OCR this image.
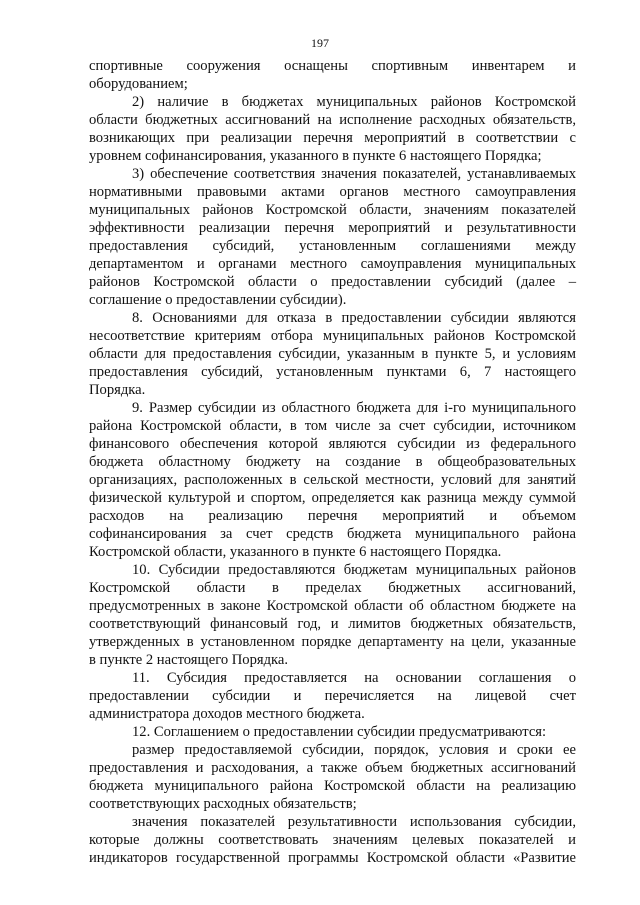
197
спортивные сооружения оснащены спортивным инвентарем и
оборудованием;
2) наличие в бюджетах муниципальных районов Костромской
области бюджетных ассигнований на исполнение расходных обязательств,
возникающих при реализации перечня мероприятий в соответствии с
уровнем софинансирования, указанного в пункте 6 настоящего Порядка;
3) обеспечение соответствия значения показателей, устанавливаемых
нормативными правовыми актами органов местного самоуправления
муниципальных районов Костромской области, значениям показателей
эффективности реализации перечня мероприятий и результативности
предоставления субсидий, установленным соглашениями между
департаментом и органами местного самоуправления муниципальных
районов Костромской области о предоставлении субсидий (далее –
соглашение о предоставлении субсидии).
8. Основаниями для отказа в предоставлении субсидии являются
несоответствие критериям отбора муниципальных районов Костромской
области для предоставления субсидии, указанным в пункте 5, и условиям
предоставления субсидий, установленным пунктами 6, 7 настоящего
Порядка.
9. Размер субсидии из областного бюджета для i-го муниципального
района Костромской области, в том числе за счет субсидии, источником
финансового обеспечения которой являются субсидии из федерального
бюджета областному бюджету на создание в общеобразовательных
организациях, расположенных в сельской местности, условий для занятий
физической культурой и спортом, определяется как разница между суммой
расходов на реализацию перечня мероприятий и объемом
софинансирования за счет средств бюджета муниципального района
Костромской области, указанного в пункте 6 настоящего Порядка.
10. Субсидии предоставляются бюджетам муниципальных районов
Костромской области в пределах бюджетных ассигнований,
предусмотренных в законе Костромской области об областном бюджете на
соответствующий финансовый год, и лимитов бюджетных обязательств,
утвержденных в установленном порядке департаменту на цели, указанные
в пункте 2 настоящего Порядка.
11. Субсидия предоставляется на основании соглашения о
предоставлении субсидии и перечисляется на лицевой счет
администратора доходов местного бюджета.
12. Соглашением о предоставлении субсидии предусматриваются:
размер предоставляемой субсидии, порядок, условия и сроки ее
предоставления и расходования, а также объем бюджетных ассигнований
бюджета муниципального района Костромской области на реализацию
соответствующих расходных обязательств;
значения показателей результативности использования субсидии,
которые должны соответствовать значениям целевых показателей и
индикаторов государственной программы Костромской области «Развитие
